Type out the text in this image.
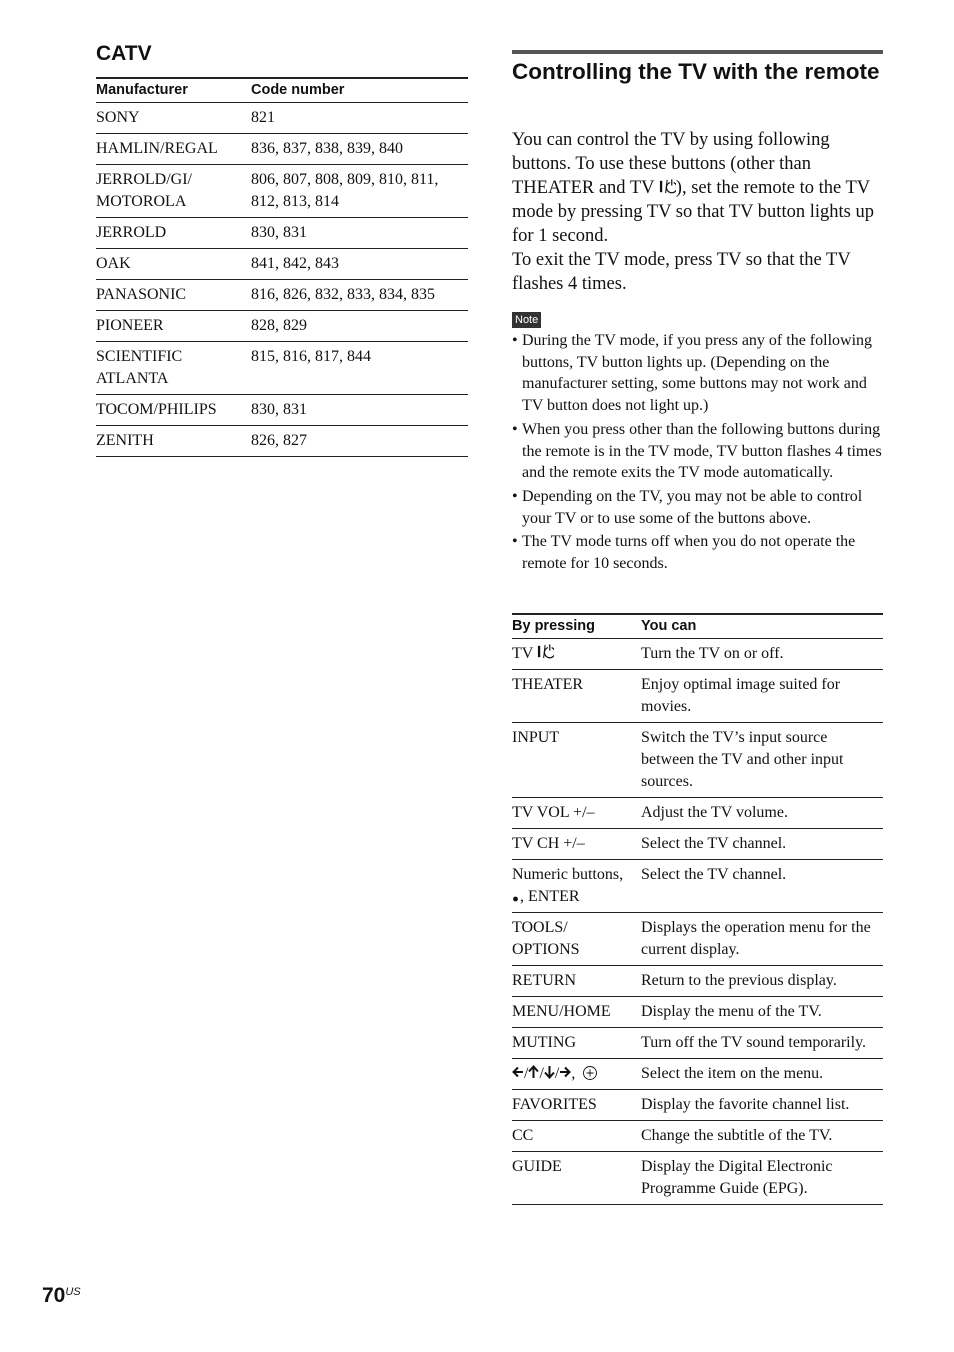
CATV
Manufacturer	Code number
SONY	821
HAMLIN/REGAL	836, 837, 838, 839, 840
JERROLD/GI/
MOTOROLA	806, 807, 808, 809, 810, 811, 812, 813, 814
JERROLD	830, 831
OAK	841, 842, 843
PANASONIC	816, 826, 832, 833, 834, 835
PIONEER	828, 829
SCIENTIFIC
ATLANTA	815, 816, 817, 844
TOCOM/PHILIPS	830, 831
ZENITH	826, 827
Controlling the TV with the remote

You can control the TV by using following buttons. To use these buttons (other than THEATER and TV ), set the remote to the TV mode by pressing TV so that TV button lights up for 1 second.

To exit the TV mode, press TV so that the TV flashes 4 times.

Note
• During the TV mode, if you press any of the following buttons, TV button lights up. (Depending on the manufacturer setting, some buttons may not work and TV button does not light up.)
• When you press other than the following buttons during the remote is in the TV mode, TV button flashes 4 times and the remote exits the TV mode automatically.
• Depending on the TV, you may not be able to control your TV or to use some of the buttons above.
• The TV mode turns off when you do not operate the remote for 10 seconds.
By pressing	You can
TV	Turn the TV on or off.
THEATER	Enjoy optimal image suited for movies.
INPUT	Switch the TV’s input source between the TV and other input sources.
TV VOL +/–	Adjust the TV volume.
TV CH +/–	Select the TV channel.
Numeric buttons,
, ENTER	Select the TV channel.
TOOLS/
OPTIONS	Displays the operation menu for the current display.
RETURN	Return to the previous display.
MENU/HOME	Display the menu of the TV.
MUTING	Turn off the TV sound temporarily.
/ / / ,	Select the item on the menu.
FAVORITES	Display the favorite channel list.
CC	Change the subtitle of the TV.
GUIDE	Display the Digital Electronic Programme Guide (EPG).
$70^{US}$
